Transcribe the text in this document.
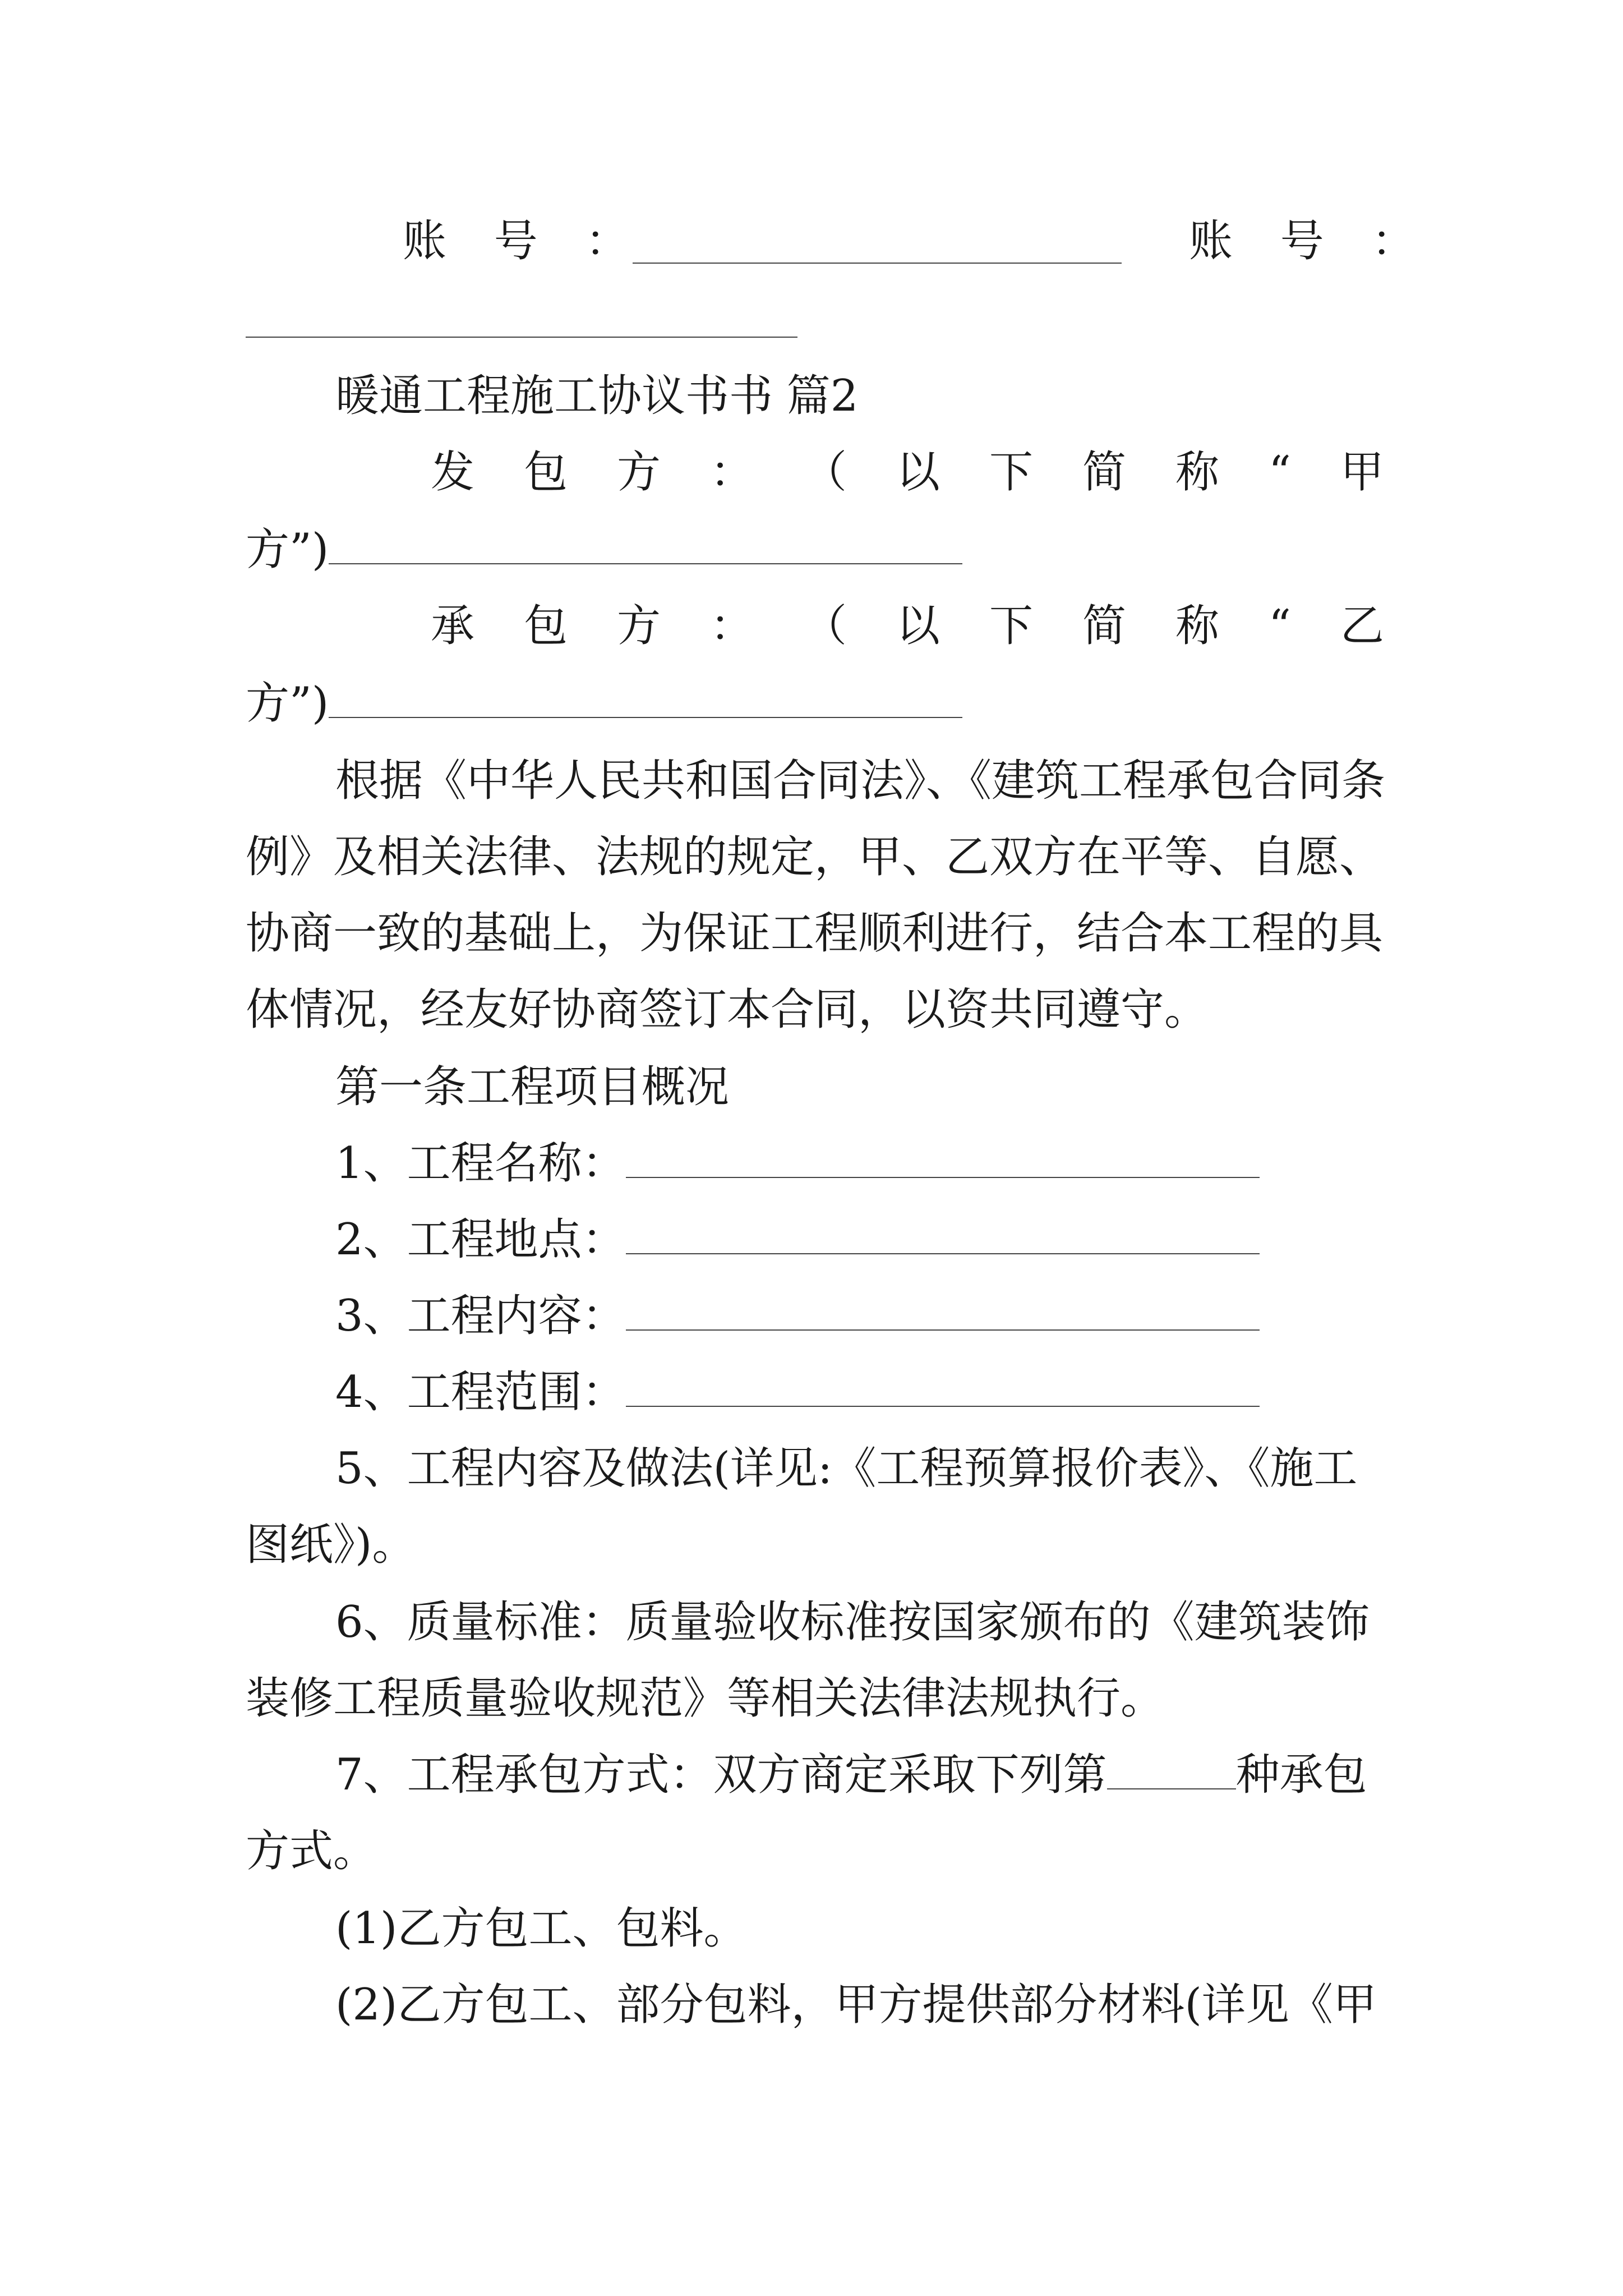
账 号 ：	账 号 ：
暖通工程施工协议书书 篇2
发 包 方 ： （ 以 下 简 称 “ 甲
方”)
承 包 方 ： （ 以 下 简 称 “ 乙
方”)
根据《中华人民共和国合同法》、《建筑工程承包合同条
例》及相关法律、法规的规定，甲、乙双方在平等、自愿、
协商一致的基础上，为保证工程顺利进行，结合本工程的具
体情况，经友好协商签订本合同，以资共同遵守。
第一条工程项目概况
1、工程名称：
2、工程地点：
3、工程内容：
4、工程范围：
5、工程内容及做法(详见:《工程预算报价表》、《施工
图纸》)。
6、质量标准：质量验收标准按国家颁布的《建筑装饰
装修工程质量验收规范》等相关法律法规执行。
7、工程承包方式：双方商定采取下列第	种承包
方式。
(1)乙方包工、包料。
(2)乙方包工、部分包料，甲方提供部分材料(详见《甲
